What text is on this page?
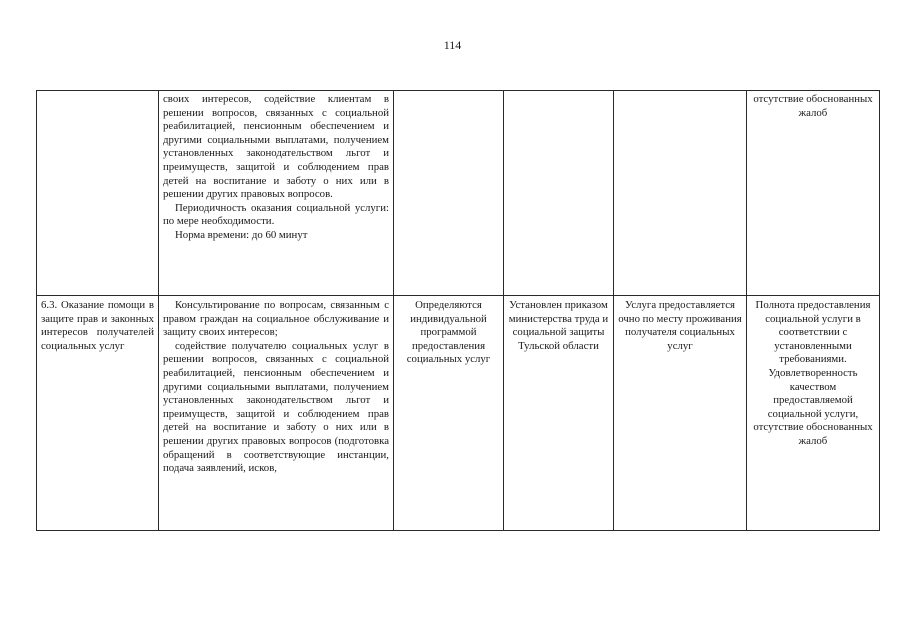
114

	своих интересов, содействие клиентам в решении вопросов, связанных с социальной реабилитацией, пенсионным обеспечением и другими социальными выплатами, получением установленных законодательством льгот и преимуществ, защитой и соблюдением прав детей на воспитание и заботу о них или в решении других правовых вопросов.

Периодичность оказания социальной услуги: по мере необходимости.

Норма времени: до 60 минут				отсутствие обоснованных жалоб

6.3. Оказание помощи в защите прав и законных интересов получателей социальных услуг	Консультирование по вопросам, связанным с правом граждан на социальное обслуживание и защиту своих интересов;

содействие получателю социальных услуг в решении вопросов, связанных с социальной реабилитацией, пенсионным обеспечением и другими социальными выплатами, получением установленных законодательством льгот и преимуществ, защитой и соблюдением прав детей на воспитание и заботу о них или в решении других правовых вопросов (подготовка обращений в соответствующие инстанции, подача заявлений, исков,	Определяются индивидуальной программой предоставления социальных услуг	Установлен приказом министерства труда и социальной защиты Тульской области	Услуга предоставляется очно по месту проживания получателя социальных услуг	Полнота предоставления социальной услуги в соответствии с установленными требованиями. Удовлетворенность качеством предоставляемой социальной услуги, отсутствие обоснованных жалоб
